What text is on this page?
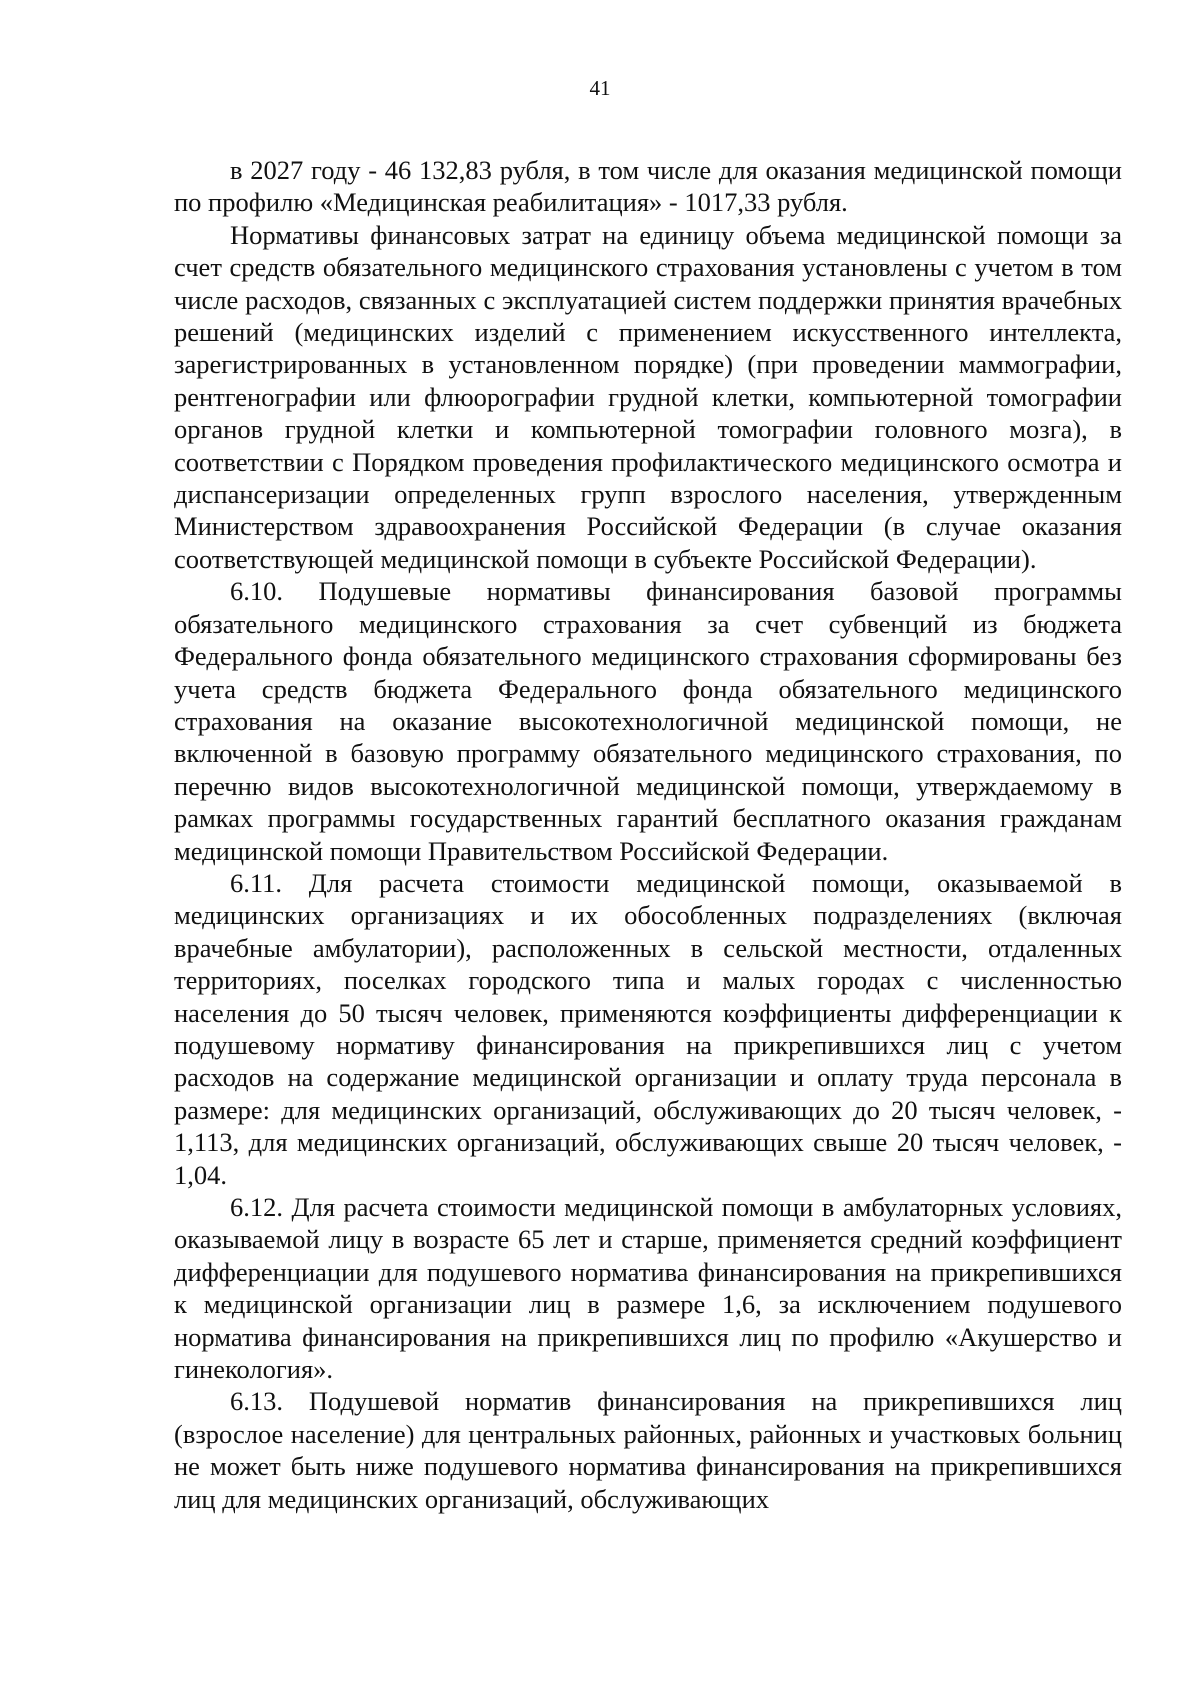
41

в 2027 году - 46 132,83 рубля, в том числе для оказания медицинской помощи по профилю «Медицинская реабилитация» - 1017,33 рубля.

Нормативы финансовых затрат на единицу объема медицинской помощи за счет средств обязательного медицинского страхования установлены с учетом в том числе расходов, связанных с эксплуатацией систем поддержки принятия врачебных решений (медицинских изделий с применением искусственного интеллекта, зарегистрированных в установленном порядке) (при проведении маммографии, рентгенографии или флюорографии грудной клетки, компьютерной томографии органов грудной клетки и компьютерной томографии головного мозга), в соответствии с Порядком проведения профилактического медицинского осмотра и диспансеризации определенных групп взрослого населения, утвержденным Министерством здравоохранения Российской Федерации (в случае оказания соответствующей медицинской помощи в субъекте Российской Федерации).

6.10. Подушевые нормативы финансирования базовой программы обязательного медицинского страхования за счет субвенций из бюджета Федерального фонда обязательного медицинского страхования сформированы без учета средств бюджета Федерального фонда обязательного медицинского страхования на оказание высокотехнологичной медицинской помощи, не включенной в базовую программу обязательного медицинского страхования, по перечню видов высокотехнологичной медицинской помощи, утверждаемому в рамках программы государственных гарантий бесплатного оказания гражданам медицинской помощи Правительством Российской Федерации.

6.11. Для расчета стоимости медицинской помощи, оказываемой в медицинских организациях и их обособленных подразделениях (включая врачебные амбулатории), расположенных в сельской местности, отдаленных территориях, поселках городского типа и малых городах с численностью населения до 50 тысяч человек, применяются коэффициенты дифференциации к подушевому нормативу финансирования на прикрепившихся лиц с учетом расходов на содержание медицинской организации и оплату труда персонала в размере: для медицинских организаций, обслуживающих до 20 тысяч человек, - 1,113, для медицинских организаций, обслуживающих свыше 20 тысяч человек, - 1,04.

6.12. Для расчета стоимости медицинской помощи в амбулаторных условиях, оказываемой лицу в возрасте 65 лет и старше, применяется средний коэффициент дифференциации для подушевого норматива финансирования на прикрепившихся к медицинской организации лиц в размере 1,6, за исключением подушевого норматива финансирования на прикрепившихся лиц по профилю «Акушерство и гинекология».

6.13. Подушевой норматив финансирования на прикрепившихся лиц (взрослое население) для центральных районных, районных и участковых больниц не может быть ниже подушевого норматива финансирования на прикрепившихся лиц для медицинских организаций, обслуживающих
